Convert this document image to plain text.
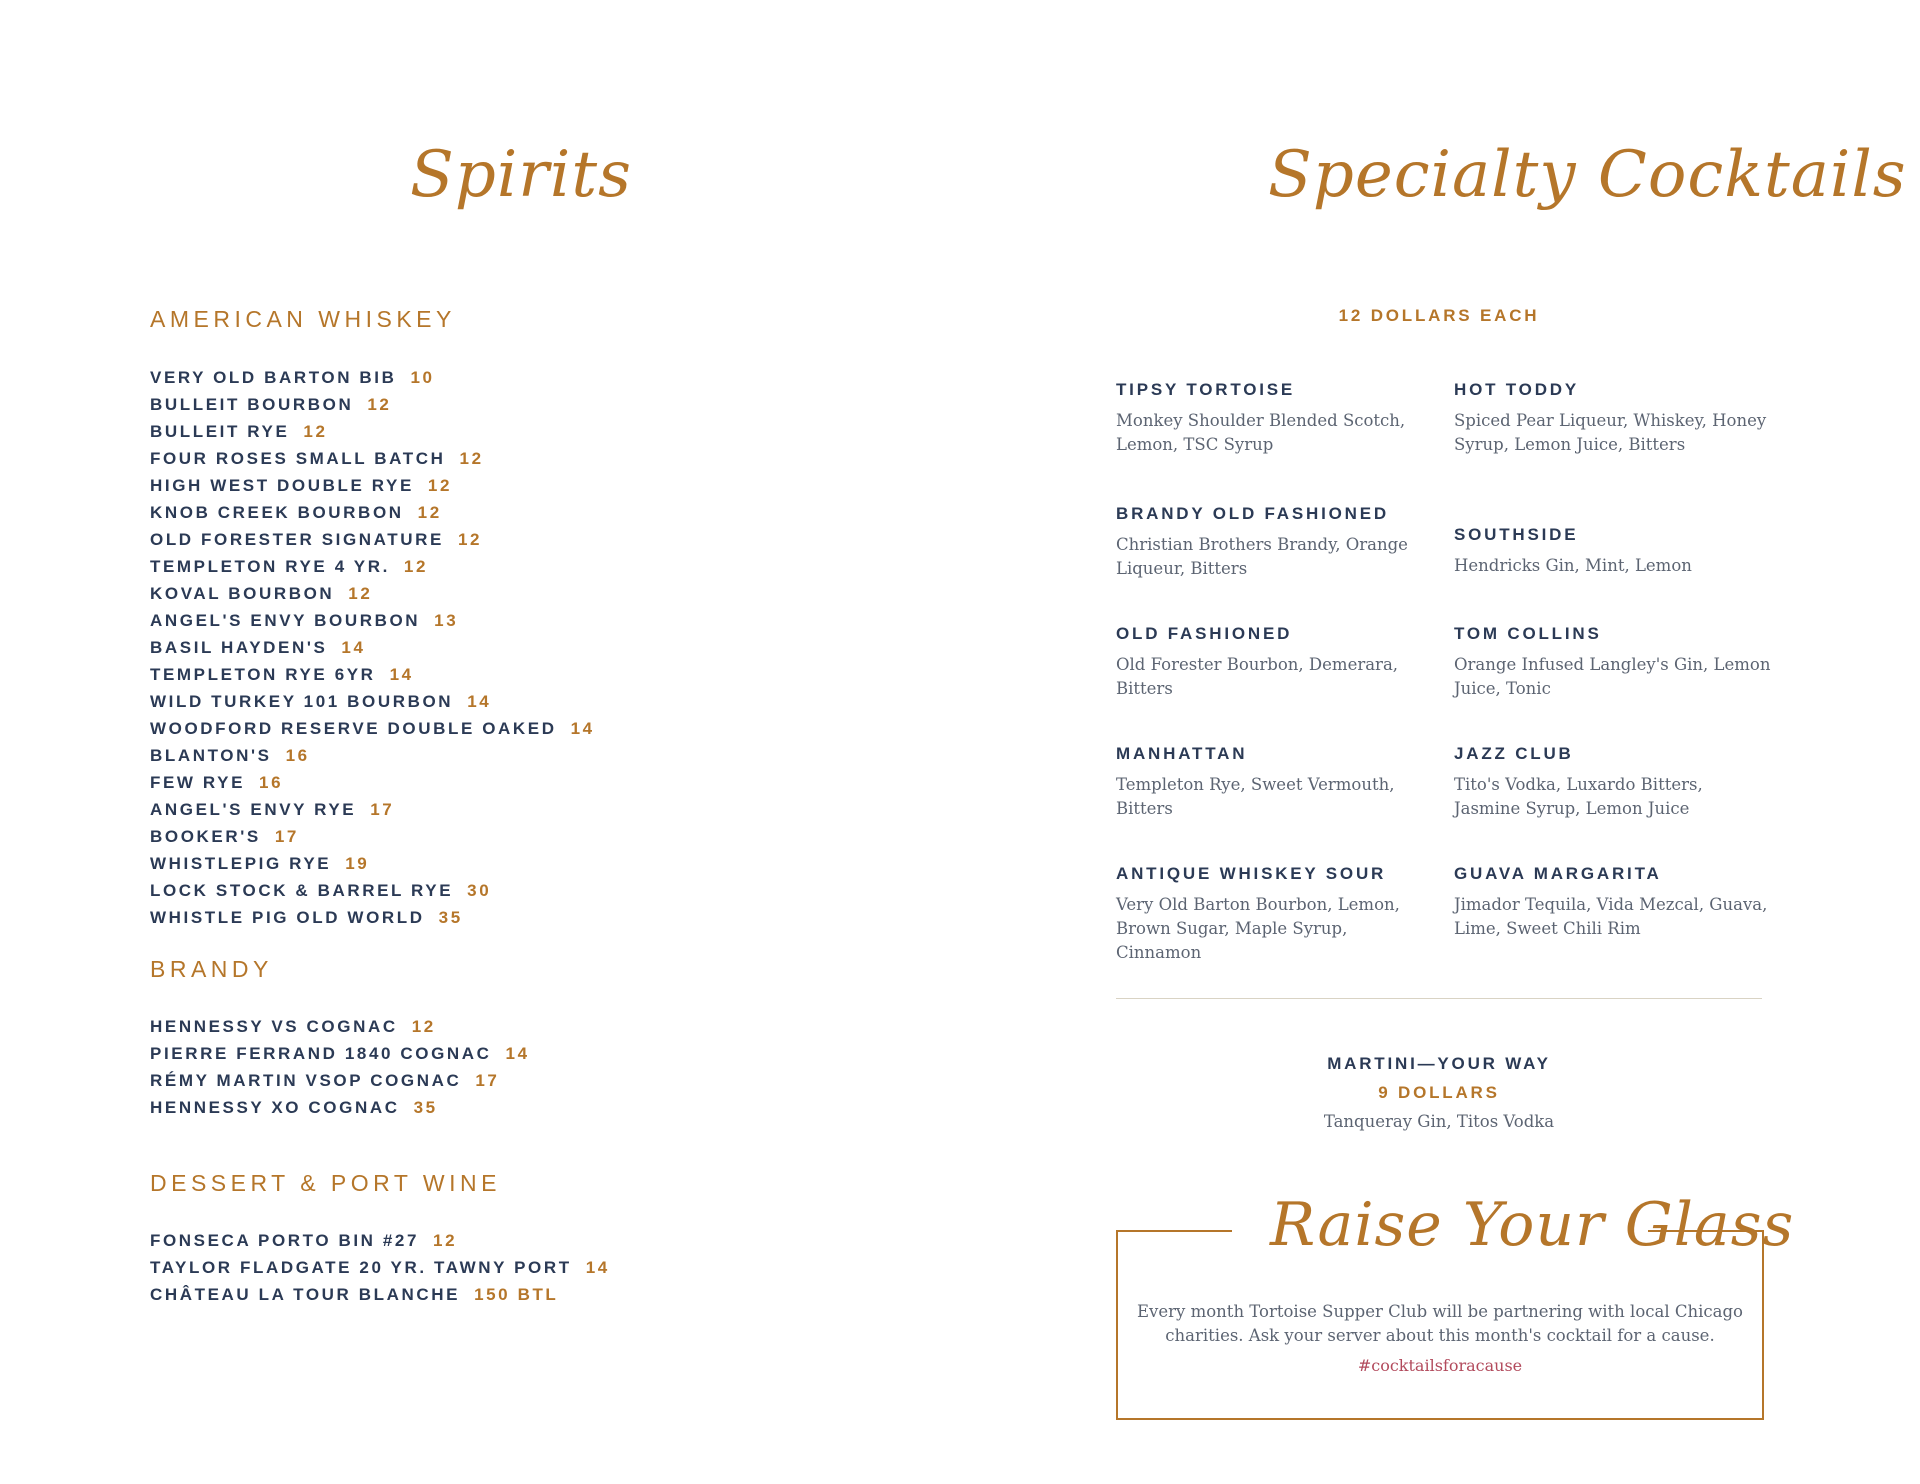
Spirits
AMERICAN WHISKEY
VERY OLD BARTON BIB 10
BULLEIT BOURBON 12
BULLEIT RYE 12
FOUR ROSES SMALL BATCH 12
HIGH WEST DOUBLE RYE 12
KNOB CREEK BOURBON 12
OLD FORESTER SIGNATURE 12
TEMPLETON RYE 4 YR. 12
KOVAL BOURBON 12
ANGEL'S ENVY BOURBON 13
BASIL HAYDEN'S 14
TEMPLETON RYE 6YR 14
WILD TURKEY 101 BOURBON 14
WOODFORD RESERVE DOUBLE OAKED 14
BLANTON'S 16
FEW RYE 16
ANGEL'S ENVY RYE 17
BOOKER'S 17
WHISTLEPIG RYE 19
LOCK STOCK & BARREL RYE 30
WHISTLE PIG OLD WORLD 35
BRANDY
HENNESSY VS COGNAC 12
PIERRE FERRAND 1840 COGNAC 14
RÉMY MARTIN VSOP COGNAC 17
HENNESSY XO COGNAC 35
DESSERT & PORT WINE
FONSECA PORTO BIN #27 12
TAYLOR FLADGATE 20 YR. TAWNY PORT 14
CHÂTEAU LA TOUR BLANCHE 150 BTL
Specialty Cocktails
12 DOLLARS EACH
TIPSY TORTOISE
Monkey Shoulder Blended Scotch, Lemon, TSC Syrup
HOT TODDY
Spiced Pear Liqueur, Whiskey, Honey Syrup, Lemon Juice, Bitters
BRANDY OLD FASHIONED
Christian Brothers Brandy, Orange Liqueur, Bitters
SOUTHSIDE
Hendricks Gin, Mint, Lemon
OLD FASHIONED
Old Forester Bourbon, Demerara, Bitters
TOM COLLINS
Orange Infused Langley's Gin, Lemon Juice, Tonic
MANHATTAN
Templeton Rye, Sweet Vermouth, Bitters
JAZZ CLUB
Tito's Vodka, Luxardo Bitters, Jasmine Syrup, Lemon Juice
ANTIQUE WHISKEY SOUR
Very Old Barton Bourbon, Lemon, Brown Sugar, Maple Syrup, Cinnamon
GUAVA MARGARITA
Jimador Tequila, Vida Mezcal, Guava, Lime, Sweet Chili Rim
MARTINI—YOUR WAY
9 DOLLARS
Tanqueray Gin, Titos Vodka
Raise Your Glass
Every month Tortoise Supper Club will be partnering with local Chicago charities. Ask your server about this month's cocktail for a cause.
#cocktailsforacause
